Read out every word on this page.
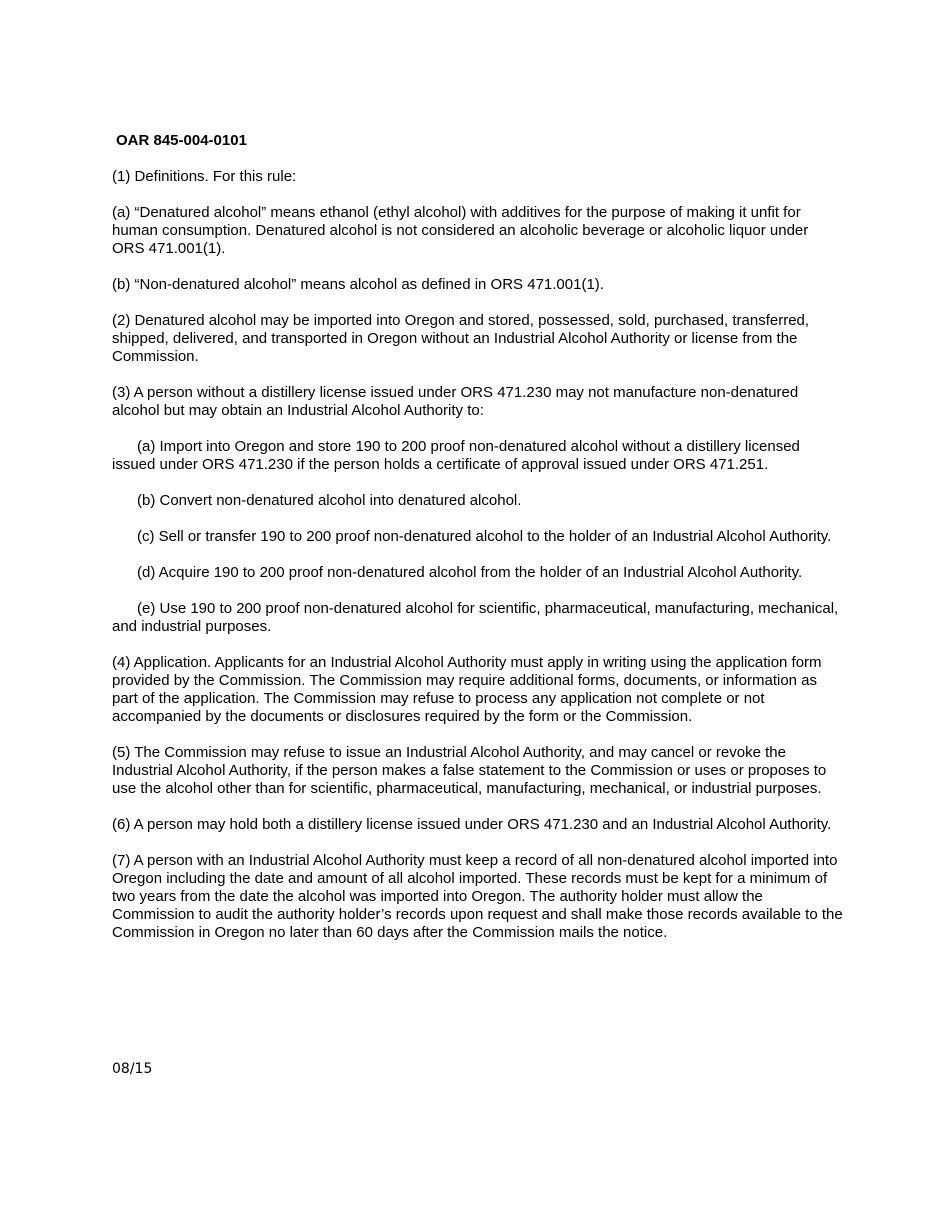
OAR 845-004-0101

(1) Definitions. For this rule:

(a) “Denatured alcohol” means ethanol (ethyl alcohol) with additives for the purpose of making it unfit for human consumption. Denatured alcohol is not considered an alcoholic beverage or alcoholic liquor under ORS 471.001(1).

(b) “Non-denatured alcohol” means alcohol as defined in ORS 471.001(1).

(2) Denatured alcohol may be imported into Oregon and stored, possessed, sold, purchased, transferred, shipped, delivered, and transported in Oregon without an Industrial Alcohol Authority or license from the Commission.

(3) A person without a distillery license issued under ORS 471.230 may not manufacture non-denatured alcohol but may obtain an Industrial Alcohol Authority to:

(a) Import into Oregon and store 190 to 200 proof non-denatured alcohol without a distillery licensed issued under ORS 471.230 if the person holds a certificate of approval issued under ORS 471.251.

(b) Convert non-denatured alcohol into denatured alcohol.

(c) Sell or transfer 190 to 200 proof non-denatured alcohol to the holder of an Industrial Alcohol Authority.

(d) Acquire 190 to 200 proof non-denatured alcohol from the holder of an Industrial Alcohol Authority.

(e) Use 190 to 200 proof non-denatured alcohol for scientific, pharmaceutical, manufacturing, mechanical, and industrial purposes.

(4) Application. Applicants for an Industrial Alcohol Authority must apply in writing using the application form provided by the Commission. The Commission may require additional forms, documents, or information as part of the application. The Commission may refuse to process any application not complete or not accompanied by the documents or disclosures required by the form or the Commission.

(5) The Commission may refuse to issue an Industrial Alcohol Authority, and may cancel or revoke the Industrial Alcohol Authority, if the person makes a false statement to the Commission or uses or proposes to use the alcohol other than for scientific, pharmaceutical, manufacturing, mechanical, or industrial purposes.

(6) A person may hold both a distillery license issued under ORS 471.230 and an Industrial Alcohol Authority.

(7) A person with an Industrial Alcohol Authority must keep a record of all non-denatured alcohol imported into Oregon including the date and amount of all alcohol imported. These records must be kept for a minimum of two years from the date the alcohol was imported into Oregon. The authority holder must allow the Commission to audit the authority holder’s records upon request and shall make those records available to the Commission in Oregon no later than 60 days after the Commission mails the notice.

08/15
